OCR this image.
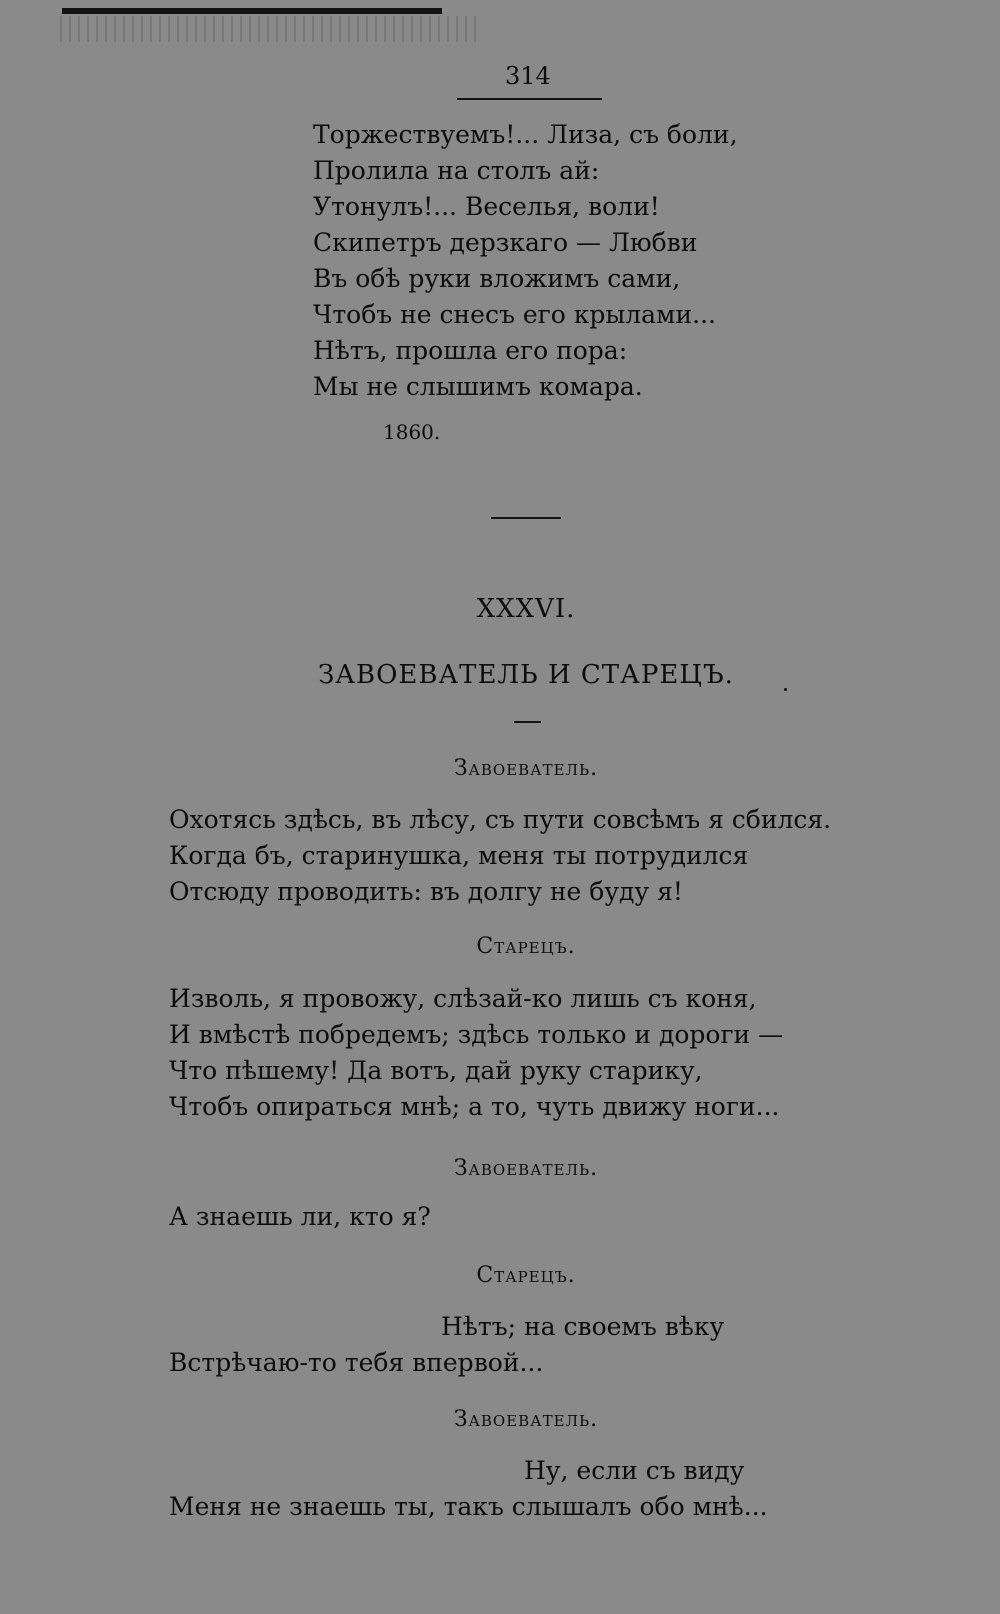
314
Торжествуемъ!... Лиза, съ боли,
Пролила на столъ ай:
Утонулъ!... Веселья, воли!
Скипетръ дерзкаго — Любви
Въ обѣ руки вложимъ сами,
Чтобъ не снесъ его крылами...
Нѣтъ, прошла его пора:
Мы не слышимъ комара.
1860.
XXXVI.
ЗАВОЕВАТЕЛЬ И СТАРЕЦЪ.
Завоеватель.
Охотясь здѣсь, въ лѣсу, съ пути совсѣмъ я сбился.
Когда бъ, старинушка, меня ты потрудился
Отсюду проводить: въ долгу не буду я!
Старецъ.
Изволь, я провожу, слѣзай-ко лишь съ коня,
И вмѣстѣ побредемъ; здѣсь только и дороги —
Что пѣшему! Да вотъ, дай руку старику,
Чтобъ опираться мнѣ; а то, чуть движу ноги...
Завоеватель.
А знаешь ли, кто я?
Старецъ.
Нѣтъ; на своемъ вѣку
Встрѣчаю-то тебя впервой...
Завоеватель.
Ну, если съ виду
Меня не знаешь ты, такъ слышалъ обо мнѣ...
